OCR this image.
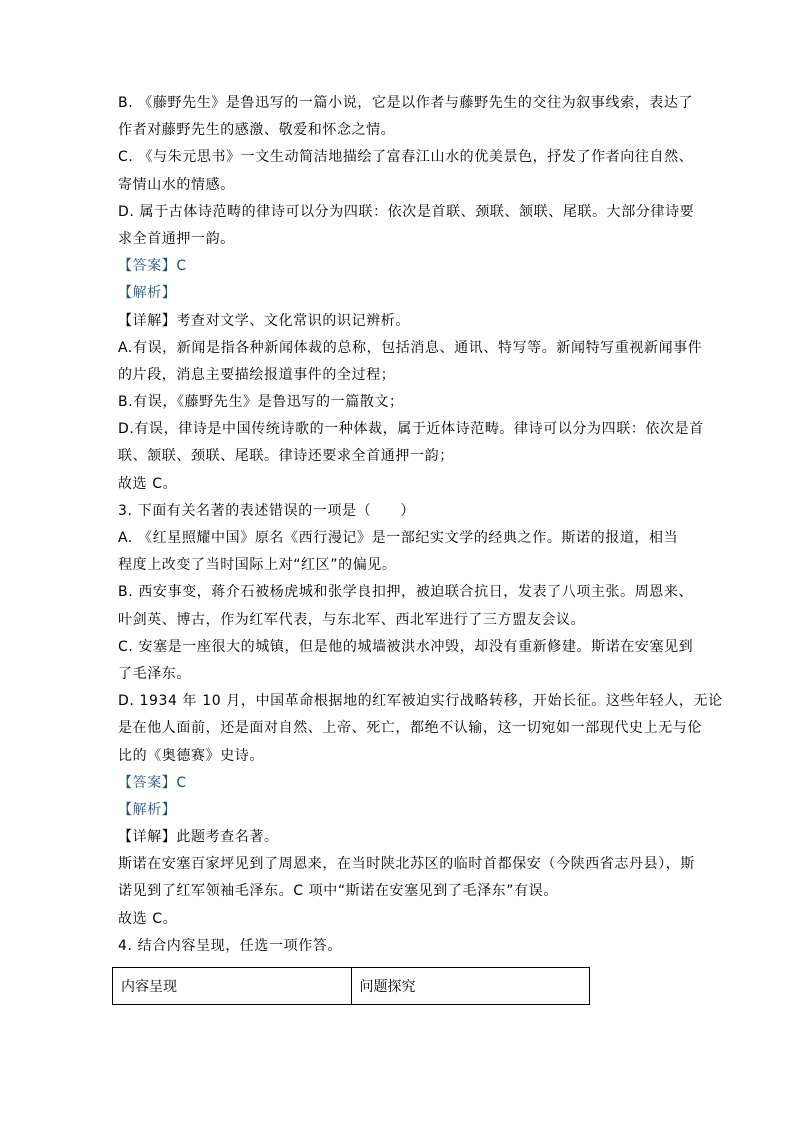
B. 《藤野先生》是鲁迅写的一篇小说，它是以作者与藤野先生的交往为叙事线索，表达了
作者对藤野先生的感激、敬爱和怀念之情。
C. 《与朱元思书》一文生动简洁地描绘了富春江山水的优美景色，抒发了作者向往自然、
寄情山水的情感。
D. 属于古体诗范畴的律诗可以分为四联：依次是首联、颈联、颔联、尾联。大部分律诗要
求全首通押一韵。
【答案】C
【解析】
【详解】考查对文学、文化常识的识记辨析。
A.有误，新闻是指各种新闻体裁的总称，包括消息、通讯、特写等。新闻特写重视新闻事件
的片段，消息主要描绘报道事件的全过程；
B.有误，《藤野先生》是鲁迅写的一篇散文；
D.有误，律诗是中国传统诗歌的一种体裁，属于近体诗范畴。律诗可以分为四联：依次是首
联、颔联、颈联、尾联。律诗还要求全首通押一韵；
故选 C。
3. 下面有关名著的表述错误的一项是（　　）
A. 《红星照耀中国》原名《西行漫记》是一部纪实文学的经典之作。斯诺的报道，相当
程度上改变了当时国际上对“红区”的偏见。
B. 西安事变，蒋介石被杨虎城和张学良扣押，被迫联合抗日，发表了八项主张。周恩来、
叶剑英、博古，作为红军代表，与东北军、西北军进行了三方盟友会议。
C. 安塞是一座很大的城镇，但是他的城墙被洪水冲毁，却没有重新修建。斯诺在安塞见到
了毛泽东。
D. 1934 年 10 月，中国革命根据地的红军被迫实行战略转移，开始长征。这些年轻人，无论
是在他人面前，还是面对自然、上帝、死亡，都绝不认输，这一切宛如一部现代史上无与伦
比的《奥德赛》史诗。
【答案】C
【解析】
【详解】此题考查名著。
斯诺在安塞百家坪见到了周恩来，在当时陕北苏区的临时首都保安（今陕西省志丹县），斯
诺见到了红军领袖毛泽东。C 项中“斯诺在安塞见到了毛泽东”有误。
故选 C。
4. 结合内容呈现，任选一项作答。
内容呈现	问题探究
